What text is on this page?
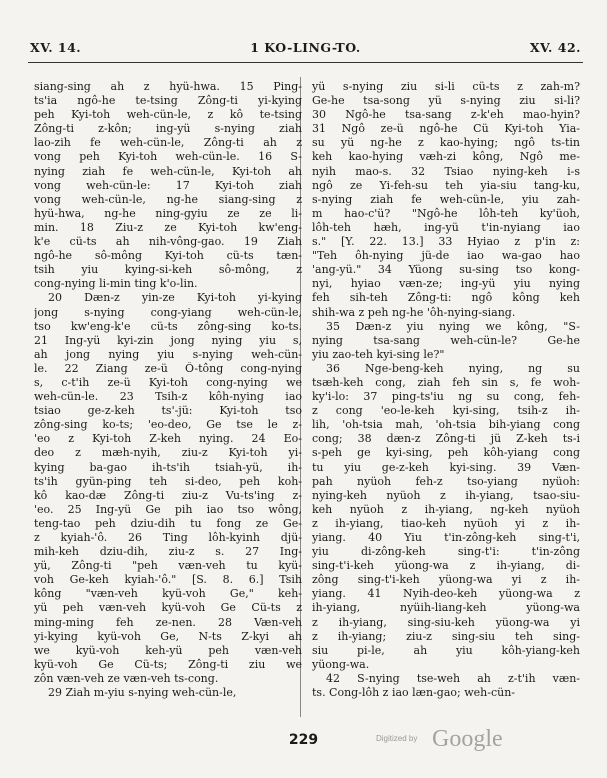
XV. 14.	1 KO-LING-TO.	XV. 42.
siang-sing ah z hyü-hwa. 15 Ping-
ts'ia ngô-he te-tsing Zông-ti yi-kying
peh Kyi-toh weh-cün-le, z kô te-tsing
Zông-ti z-kôn; ing-yü s-nying ziah
lao-zih fe weh-cün-le, Zông-ti ah z
vong peh Kyi-toh weh-cün-le. 16 S-
nying ziah fe weh-cün-le, Kyi-toh ah
vong weh-cün-le: 17 Kyi-toh ziah
vong weh-cün-le, ng-he siang-sing z
hyü-hwa, ng-he ning-gyiu ze ze li-
min. 18 Ziu-z ze Kyi-toh kw'eng-
k'e cü-ts ah nih-vông-gao. 19 Ziah
ngô-he sô-mông Kyi-toh cü-ts tæn-
tsih yiu kying-si-keh sô-mông, z
cong-nying li-min ting k'o-lin.
20 Dæn-z yin-ze Kyi-toh yi-kying
jong s-nying cong-yiang weh-cün-le,
tso kw'eng-k'e cü-ts zông-sing ko-ts.
21 Ing-yü kyi-zin jong nying yiu s,
ah jong nying yiu s-nying weh-cün-
le. 22 Ziang ze-ü Ô-tông cong-nying
s, c-t'ih ze-ü Kyi-toh cong-nying we
weh-cün-le. 23 Tsih-z kôh-nying iao
tsiao ge-z-keh ts'-jü: Kyi-toh tso
zông-sing ko-ts; 'eo-deo, Ge tse le z-
'eo z Kyi-toh Z-keh nying. 24 Eo-
deo z mæh-nyih, ziu-z Kyi-toh yi-
kying ba-gao ih-ts'ih tsiah-yü, ih-
ts'ih gyün-ping teh si-deo, peh koh-
kô kao-dæ Zông-ti ziu-z Vu-ts'ing z-
'eo. 25 Ing-yü Ge pih iao tso wông,
teng-tao peh dziu-dih tu fong ze Ge-
z kyiah-'ô. 26 Ting lôh-kyinh djü-
mih-keh dziu-dih, ziu-z s. 27 Ing-
yü, Zông-ti "peh væn-veh tu kyü-
voh Ge-keh kyiah-'ô." [S. 8. 6.] Tsih
kông "væn-veh kyü-voh Ge," keh-
yü peh væn-veh kyü-voh Ge Cü-ts z
ming-ming feh ze-nen. 28 Væn-veh
yi-kying kyü-voh Ge, N-ts Z-kyi ah
we kyü-voh keh-yü peh væn-veh
kyü-voh Ge Cü-ts; Zông-ti ziu we
zôn væn-veh ze væn-veh ts-cong.
29 Ziah m-yiu s-nying weh-cün-le,
yü s-nying ziu si-li cü-ts z zah-m?
Ge-he tsa-song yü s-nying ziu si-li?
30 Ngô-he tsa-sang z-k'eh mao-hyin?
31 Ngô ze-ü ngô-he Cü Kyi-toh Yia-
su yü ng-he z kao-hying; ngô ts-tin
keh kao-hying væh-zi kông, Ngô me-
nyih mao-s. 32 Tsiao nying-keh i-s
ngô ze Yi-feh-su teh yia-siu tang-ku,
s-nying ziah fe weh-cün-le, yiu zah-
m hao-c'ü? "Ngô-he lôh-teh ky'üoh,
lôh-teh hæh, ing-yü t'in-nyiang iao
s." [Y. 22. 13.] 33 Hyiao z p'in z:
"Teh ôh-nying jü-de iao wa-gao hao
'ang-yü." 34 Yüong su-sing tso kong-
nyi, hyiao væn-ze; ing-yü yiu nying
feh sih-teh Zông-ti: ngô kông keh
shih-wa z peh ng-he 'ôh-nying-siang.
35 Dæn-z yiu nying we kông, "S-
nying tsa-sang weh-cün-le? Ge-he
yiu zao-teh kyi-sing le?"
36 Nge-beng-keh nying, ng su
tsæh-keh cong, ziah feh sin s, fe woh-
ky'i-lo: 37 ping-ts'iu ng su cong, feh-
z cong 'eo-le-keh kyi-sing, tsih-z ih-
lih, 'oh-tsia mah, 'oh-tsia bih-yiang cong
cong; 38 dæn-z Zông-ti jü Z-keh ts-i
s-peh ge kyi-sing, peh kôh-yiang cong
tu yiu ge-z-keh kyi-sing. 39 Væn-
pah nyüoh feh-z tso-yiang nyüoh:
nying-keh nyüoh z ih-yiang, tsao-siu-
keh nyüoh z ih-yiang, ng-keh nyüoh
z ih-yiang, tiao-keh nyüoh yi z ih-
yiang. 40 Yiu t'in-zông-keh sing-t'i,
yiu di-zông-keh sing-t'i: t'in-zông
sing-t'i-keh yüong-wa z ih-yiang, di-
zông sing-t'i-keh yüong-wa yi z ih-
yiang. 41 Nyih-deo-keh yüong-wa z
ih-yiang, nyüih-liang-keh yüong-wa
z ih-yiang, sing-siu-keh yüong-wa yi
z ih-yiang; ziu-z sing-siu teh sing-
siu pi-le, ah yiu kôh-yiang-keh
yüong-wa.
42 S-nying tse-weh ah z-t'ih væn-
ts. Cong-lôh z iao læn-gao; weh-cün-
229	Digitized by Google
